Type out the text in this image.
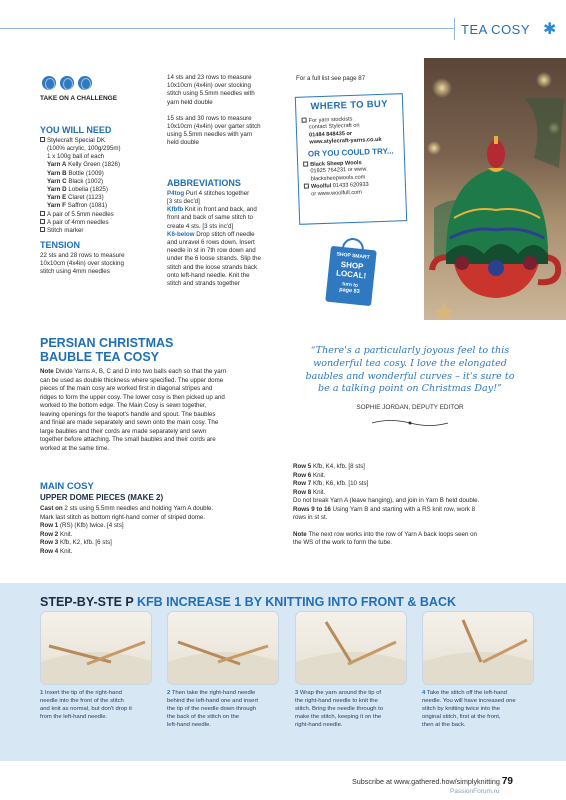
TEA COSY ✱
TAKE ON A CHALLENGE
YOU WILL NEED

Stylecraft Special DK

(100% acrylic, 100g/295m)

1 x 100g ball of each

Yarn A Kelly Green (1826)

Yarn B Bottle (1009)

Yarn C Black (1002)

Yarn D Lobelia (1825)

Yarn E Claret (1123)

Yarn F Saffron (1081)

A pair of 5.5mm needles

A pair of 4mm needles

Stitch marker

TENSION

22 sts and 28 rows to measure

10x10cm (4x4in) over stocking

stitch using 4mm needles

14 sts and 23 rows to measure

10x10cm (4x4in) over stocking

stitch using 5.5mm needles with

yarn held double

15 sts and 30 rows to measure

10x10cm (4x4in) over garter stitch

using 5.5mm needles with yarn

held double

ABBREVIATIONS

P4tog Purl 4 stitches together

[3 sts dec'd]

Kfbfb Knit in front and back, and

front and back of same stitch to

create 4 sts. [3 sts inc'd]

K6-below Drop stitch off needle

and unravel 6 rows down. Insert

needle in st in 7th row down and

under the 6 loose strands. Slip the

stitch and the loose strands back

onto left-hand needle. Knit the

stitch and strands together

For a full list see page 87

WHERE TO BUY

For yarn stockists

contact Stylecraft on

01484 848435 or

www.stylecraft-yarns.co.uk

OR YOU COULD TRY...

Black Sheep Wools

01925 764231 or www.

blacksheepwools.com

Woolful 01433 620933

or www.woolfull.com

SHOP SMART
SHOP
LOCAL!
turn to
page 83
PERSIAN CHRISTMAS
BAUBLE TEA COSY

Note Divide Yarns A, B, C and D into two balls each so that the yarn

can be used as double thickness where specified. The upper dome

pieces of the main cosy are worked first in diagonal stripes and

ridges to form the upper cosy. The lower cosy is then picked up and

worked to the bottom edge. The Main Cosy is sewn together,

leaving openings for the teapot's handle and spout. The baubles

and finial are made separately and sewn onto the main cosy. The

large baubles and their cords are made separately and sewn

together before attaching. The small baubles and their cords are

worked at the same time.

MAIN COSY
UPPER DOME PIECES (MAKE 2)

Cast on 2 sts using 5.5mm needles and holding Yarn A double.

Mark last stitch as bottom right-hand corner of striped dome.

Row 1 (RS) (Kfb) twice. [4 sts]

Row 2 Knit.

Row 3 Kfb, K2, kfb. [6 sts]

Row 4 Knit.

“There's a particularly joyous feel to this

wonderful tea cosy. I love the elongated

baubles and wonderful curves – it's sure to

be a talking point on Christmas Day!”

SOPHIE JORDAN, DEPUTY EDITOR

Row 5 Kfb, K4, kfb. [8 sts]

Row 6 Knit.

Row 7 Kfb, K6, kfb. [10 sts]

Row 8 Knit.

Do not break Yarn A (leave hanging), and join in Yarn B held double.

Rows 9 to 16 Using Yarn B and starting with a RS knit row, work 8

rows in st st.

Note The next row works into the row of Yarn A back loops seen on

the WS of the work to form the tube.

STEP-BY-STE P KFB INCREASE 1 BY KNITTING INTO FRONT & BACK

1 Insert the tip of the right-hand

needle into the front of the stitch

and knit as normal, but don't drop it

from the left-hand needle.

2 Then take the right-hand needle

behind the left-hand one and insert

the tip of the needle down through

the back of the stitch on the

left-hand needle.

3 Wrap the yarn around the tip of

the right-hand needle to knit the

stitch. Bring the needle through to

make the stitch, keeping it on the

right-hand needle.

4 Take the stitch off the left-hand

needle. You will have increased one

stitch by knitting twice into the

original stitch, first at the front,

then at the back.

Subscribe at www.gathered.how/simplyknitting 79
PassionForum.ru
